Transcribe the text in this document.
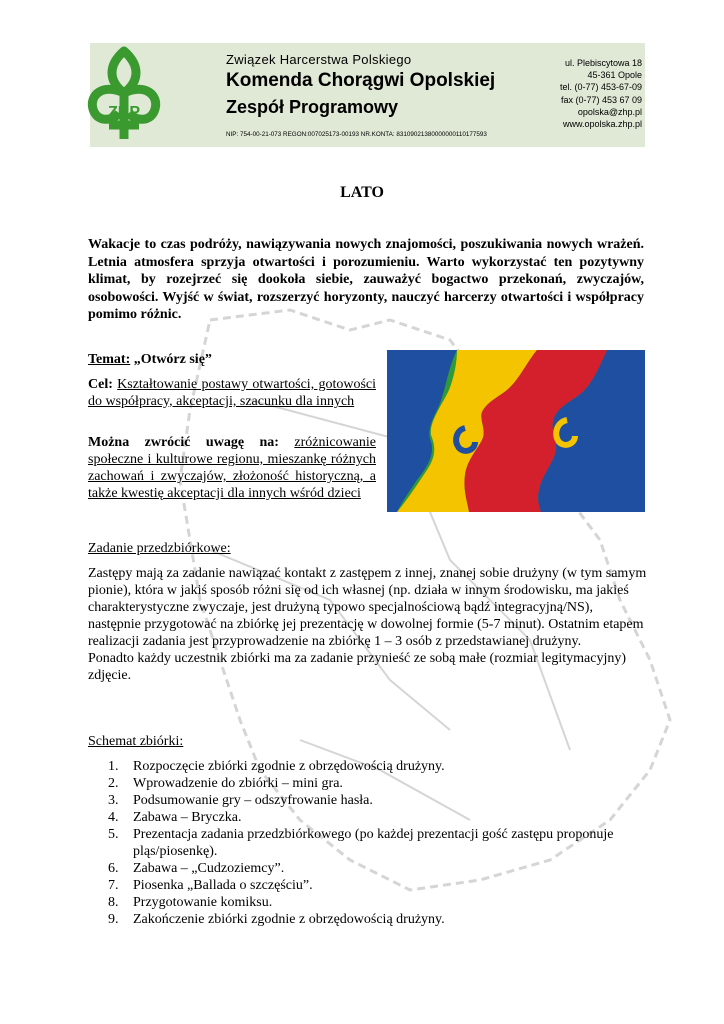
ZHP
Związek Harcerstwa Polskiego
Komenda Chorągwi Opolskiej
Zespół Programowy
NIP: 754-00-21-073 REGON:007025173-00193 NR.KONTA: 83109021380000000110177593
ul. Plebiscytowa 18
45-361 Opole
tel. (0-77) 453-67-09
fax (0-77) 453 67 09
opolska@zhp.pl
www.opolska.zhp.pl
LATO
Wakacje to czas podróży, nawiązywania nowych znajomości, poszukiwania nowych wrażeń. Letnia atmosfera sprzyja otwartości i porozumieniu. Warto wykorzystać ten pozytywny klimat, by rozejrzeć się dookoła siebie, zauważyć bogactwo przekonań, zwyczajów, osobowości. Wyjść w świat, rozszerzyć horyzonty, nauczyć harcerzy otwartości i współpracy pomimo różnic.
Temat: „Otwórz się”
Cel: Kształtowanie postawy otwartości, gotowości do współpracy, akceptacji, szacunku dla innych
Można zwrócić uwagę na: zróżnicowanie społeczne i kulturowe regionu, mieszankę różnych zachowań i zwyczajów, złożoność historyczną, a także kwestię akceptacji dla innych wśród dzieci
Zadanie przedzbiórkowe:
Zastępy mają za zadanie nawiązać kontakt z zastępem z innej, znanej sobie drużyny (w tym samym pionie), która w jakiś sposób różni się od ich własnej (np. działa w innym środowisku, ma jakieś charakterystyczne zwyczaje, jest drużyną typowo specjalnościową bądź integracyjną/NS), następnie przygotować na zbiórkę jej prezentację w dowolnej formie (5-7 minut). Ostatnim etapem realizacji zadania jest przyprowadzenie na zbiórkę 1 – 3 osób z przedstawianej drużyny.
Ponadto każdy uczestnik zbiórki ma za zadanie przynieść ze sobą małe (rozmiar legitymacyjny) zdjęcie.
Schemat zbiórki:
1. Rozpoczęcie zbiórki zgodnie z obrzędowością drużyny.
2. Wprowadzenie do zbiórki – mini gra.
3. Podsumowanie gry – odszyfrowanie hasła.
4. Zabawa – Bryczka.
5. Prezentacja zadania przedzbiórkowego (po każdej prezentacji gość zastępu proponuje pląs/piosenkę).
6. Zabawa – „Cudzoziemcy”.
7. Piosenka „Ballada o szczęściu”.
8. Przygotowanie komiksu.
9. Zakończenie zbiórki zgodnie z obrzędowością drużyny.
